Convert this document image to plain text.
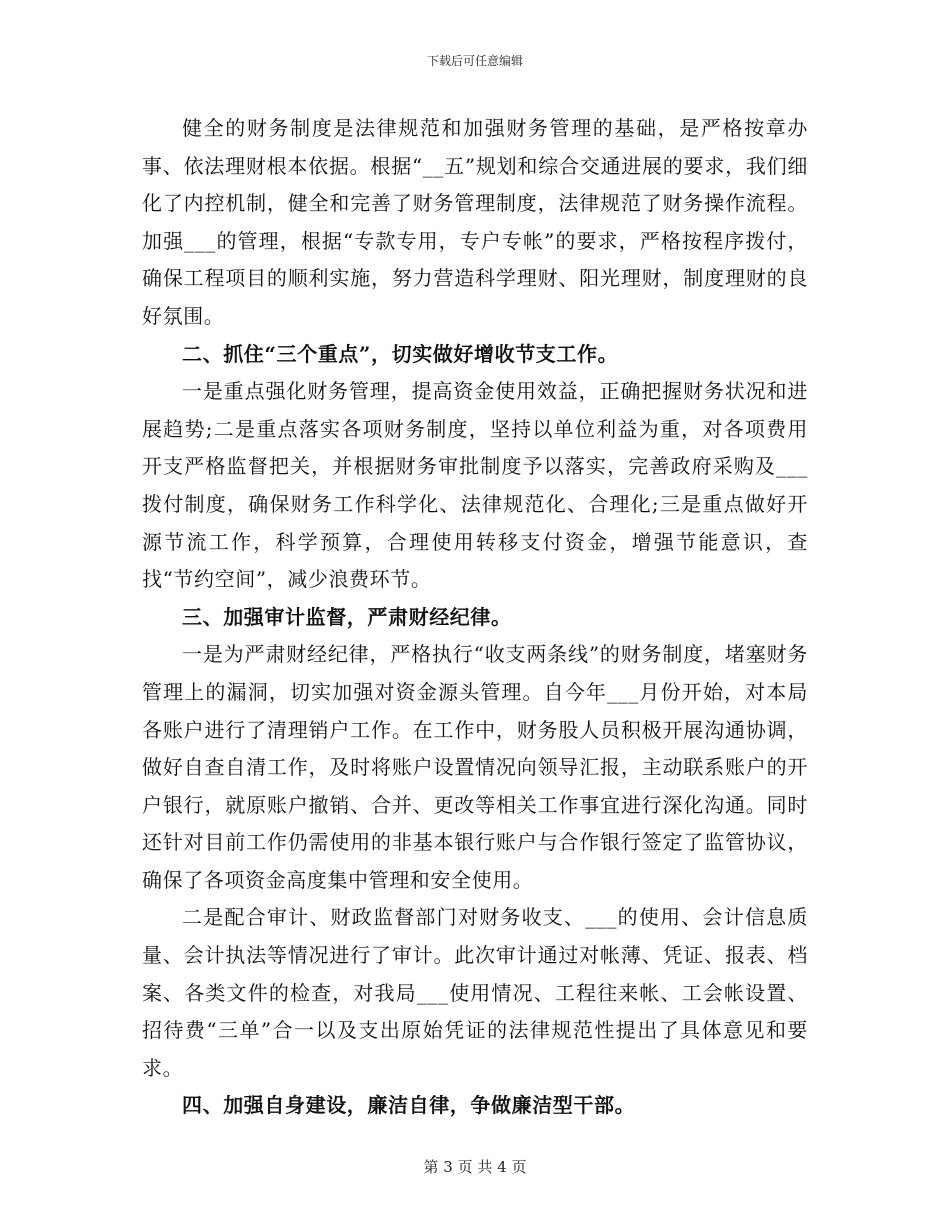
下载后可任意编辑

健全的财务制度是法律规范和加强财务管理的基础，是严格按章办事、依法理财根本依据。根据“__五”规划和综合交通进展的要求，我们细化了内控机制，健全和完善了财务管理制度，法律规范了财务操作流程。加强___的管理，根据“专款专用，专户专帐”的要求，严格按程序拨付，确保工程项目的顺利实施，努力营造科学理财、阳光理财，制度理财的良好氛围。

二、抓住“三个重点”，切实做好增收节支工作。

一是重点强化财务管理，提高资金使用效益，正确把握财务状况和进展趋势;二是重点落实各项财务制度，坚持以单位利益为重，对各项费用开支严格监督把关，并根据财务审批制度予以落实，完善政府采购及___拨付制度，确保财务工作科学化、法律规范化、合理化;三是重点做好开源节流工作，科学预算，合理使用转移支付资金，增强节能意识，查找“节约空间”，减少浪费环节。

三、加强审计监督，严肃财经纪律。

一是为严肃财经纪律，严格执行“收支两条线”的财务制度，堵塞财务管理上的漏洞，切实加强对资金源头管理。自今年___月份开始，对本局各账户进行了清理销户工作。在工作中，财务股人员积极开展沟通协调，做好自查自清工作，及时将账户设置情况向领导汇报，主动联系账户的开户银行，就原账户撤销、合并、更改等相关工作事宜进行深化沟通。同时还针对目前工作仍需使用的非基本银行账户与合作银行签定了监管协议，确保了各项资金高度集中管理和安全使用。

二是配合审计、财政监督部门对财务收支、___的使用、会计信息质量、会计执法等情况进行了审计。此次审计通过对帐薄、凭证、报表、档案、各类文件的检查，对我局___使用情况、工程往来帐、工会帐设置、招待费“三单”合一以及支出原始凭证的法律规范性提出了具体意见和要求。

四、加强自身建设，廉洁自律，争做廉洁型干部。

第 3 页 共 4 页
